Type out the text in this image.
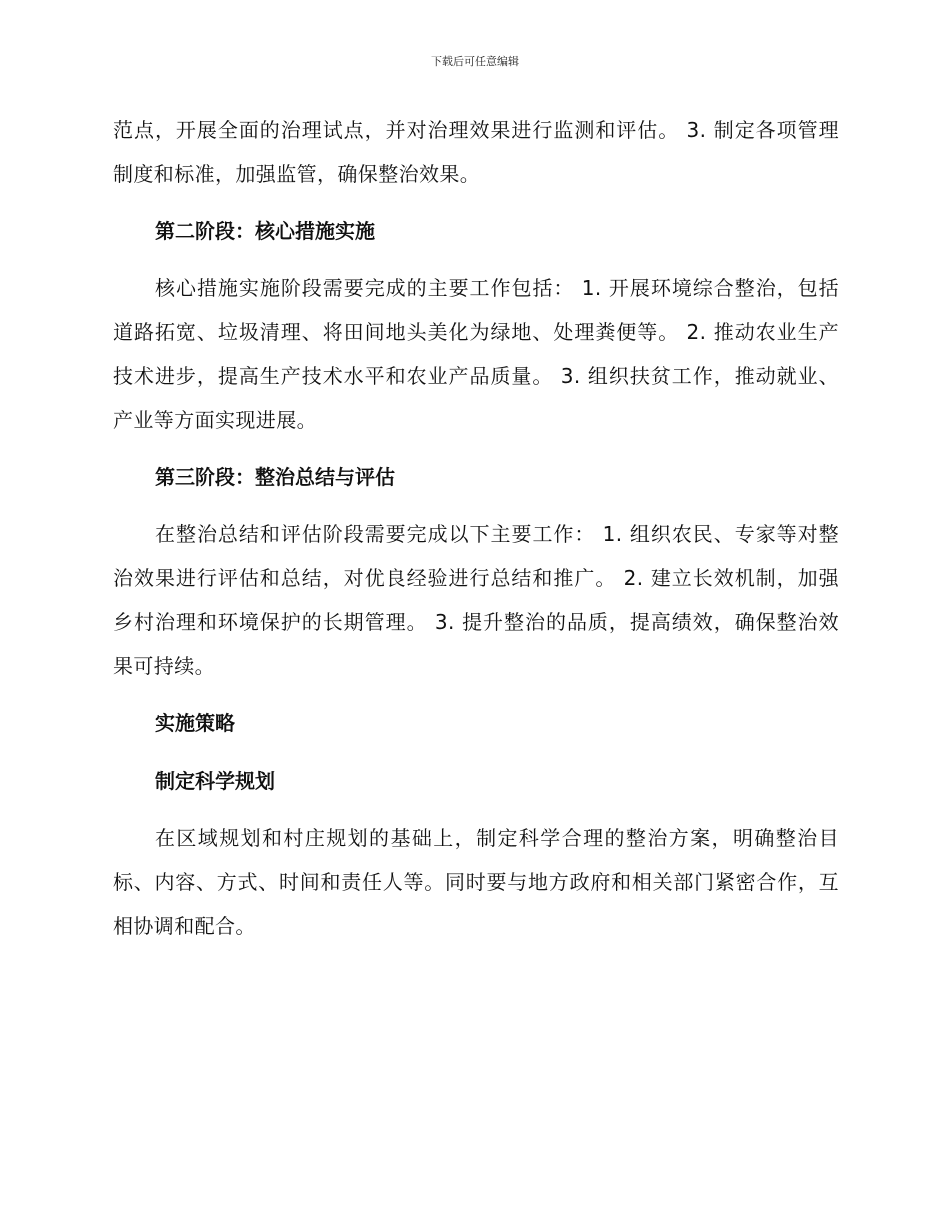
下载后可任意编辑

范点，开展全面的治理试点，并对治理效果进行监测和评估。 3. 制定各项管理制度和标准，加强监管，确保整治效果。

第二阶段：核心措施实施

核心措施实施阶段需要完成的主要工作包括： 1. 开展环境综合整治，包括道路拓宽、垃圾清理、将田间地头美化为绿地、处理粪便等。 2. 推动农业生产技术进步，提高生产技术水平和农业产品质量。 3. 组织扶贫工作，推动就业、产业等方面实现进展。

第三阶段：整治总结与评估

在整治总结和评估阶段需要完成以下主要工作： 1. 组织农民、专家等对整治效果进行评估和总结，对优良经验进行总结和推广。 2. 建立长效机制，加强乡村治理和环境保护的长期管理。 3. 提升整治的品质，提高绩效，确保整治效果可持续。

实施策略
制定科学规划

在区域规划和村庄规划的基础上，制定科学合理的整治方案，明确整治目标、内容、方式、时间和责任人等。同时要与地方政府和相关部门紧密合作，互相协调和配合。
